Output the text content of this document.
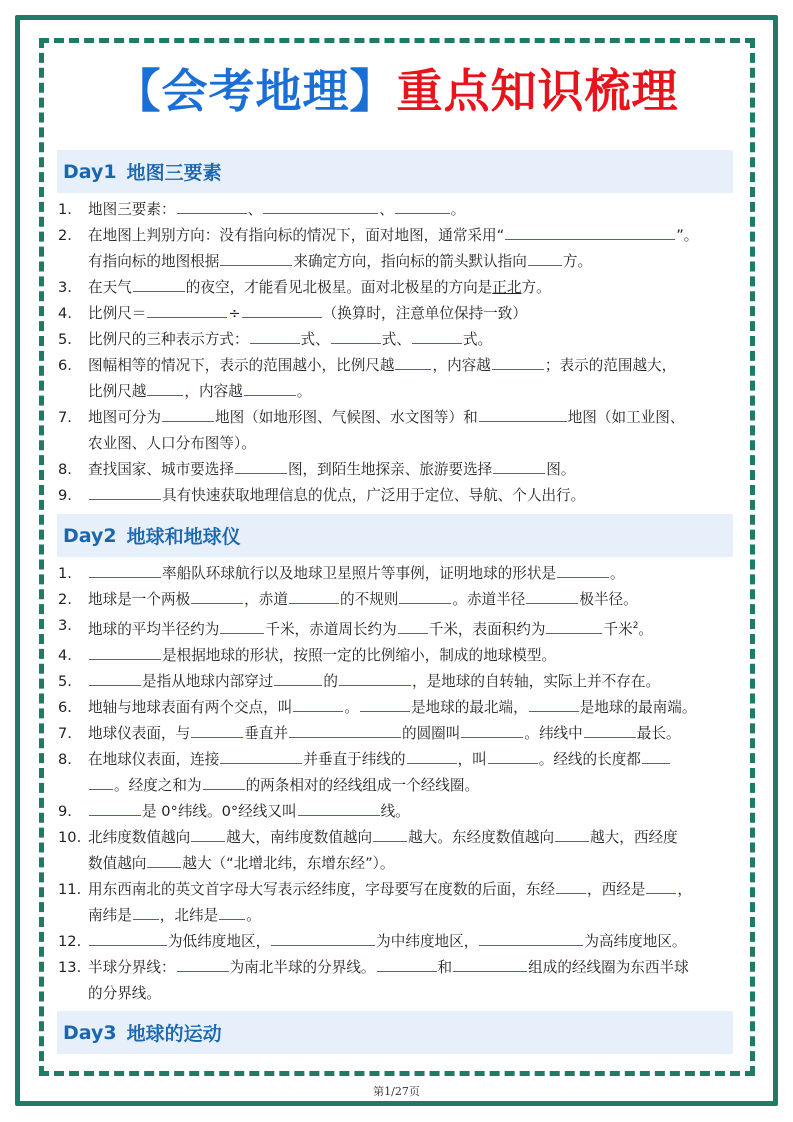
【会考地理】重点知识梳理
Day1 地图三要素
1.	地图三要素：	、	、	。
2.	在地图上判别方向：没有指向标的情况下，面对地图，通常采用“	”。
有指向标的地图根据	来确定方向，指向标的箭头默认指向 方。
3.	在天气	的夜空，才能看见北极星。面对北极星的方向是正北方。
4.	比例尺＝	÷	（换算时，注意单位保持一致）
5.	比例尺的三种表示方式：	式、	式、	式。
6.	图幅相等的情况下，表示的范围越小，比例尺越	，内容越	；表示的范围越大，
比例尺越	，内容越	。
7.	地图可分为	地图（如地形图、气候图、水文图等）和	地图（如工业图、
农业图、人口分布图等）。
8.	查找国家、城市要选择	图，到陌生地探亲、旅游要选择	图。
9.	具有快速获取地理信息的优点，广泛用于定位、导航、个人出行。
Day2 地球和地球仪
1.	率船队环球航行以及地球卫星照片等事例，证明地球的形状是	。
2.	地球是一个两极	，赤道	的不规则	。赤道半径	极半径。
3.	地球的平均半径约为	千米，赤道周长约为 千米，表面积约为	千米$^2$。
4.	是根据地球的形状，按照一定的比例缩小，制成的地球模型。
5.	是指从地球内部穿过	的	，是地球的自转轴，实际上并不存在。
6.	地轴与地球表面有两个交点，叫	。	是地球的最北端，	是地球的最南端。
7.	地球仪表面，与	垂直并	的圆圈叫	。纬线中	最长。
8.	在地球仪表面，连接	并垂直于纬线的	，叫	。经线的长度都
。经度之和为	的两条相对的经线组成一个经线圈。
9.	是 0°纬线。0°经线又叫	线。
10. 北纬度数值越向 越大，南纬度数值越向 越大。东经度数值越向 越大，西经度
数值越向 越大（“北增北纬，东增东经”）。
11. 用东西南北的英文首字母大写表示经纬度，字母要写在度数的后面，东经 ，西经是 ，
南纬是 ，北纬是 。
12.	为低纬度地区，	为中纬度地区，	为高纬度地区。
13. 半球分界线：	为南北半球的分界线。	和	组成的经线圈为东西半球
的分界线。
Day3 地球的运动
第1/27页
